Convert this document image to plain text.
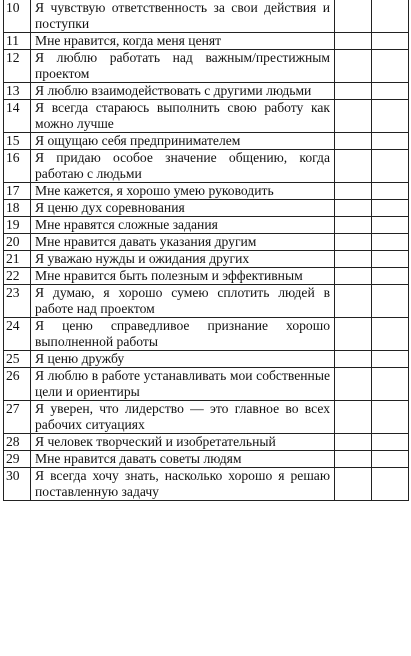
10	Я чувствую ответственность за свои действия и поступки		
11	Мне нравится, когда меня ценят		
12	Я люблю работать над важным/престижным проектом		
13	Я люблю взаимодействовать с другими людьми		
14	Я всегда стараюсь выполнить свою работу как можно лучше		
15	Я ощущаю себя предпринимателем		
16	Я придаю особое значение общению, когда работаю с людьми		
17	Мне кажется, я хорошо умею руководить		
18	Я ценю дух соревнования		
19	Мне нравятся сложные задания		
20	Мне нравится давать указания другим		
21	Я уважаю нужды и ожидания других		
22	Мне нравится быть полезным и эффективным		
23	Я думаю, я хорошо сумею сплотить людей в работе над проектом		
24	Я ценю справедливое признание хорошо выполненной работы		
25	Я ценю дружбу		
26	Я люблю в работе устанавливать мои собственные цели и ориентиры		
27	Я уверен, что лидерство — это главное во всех рабочих ситуациях		
28	Я человек творческий и изобретательный		
29	Мне нравится давать советы людям		
30	Я всегда хочу знать, насколько хорошо я решаю поставленную задачу		
